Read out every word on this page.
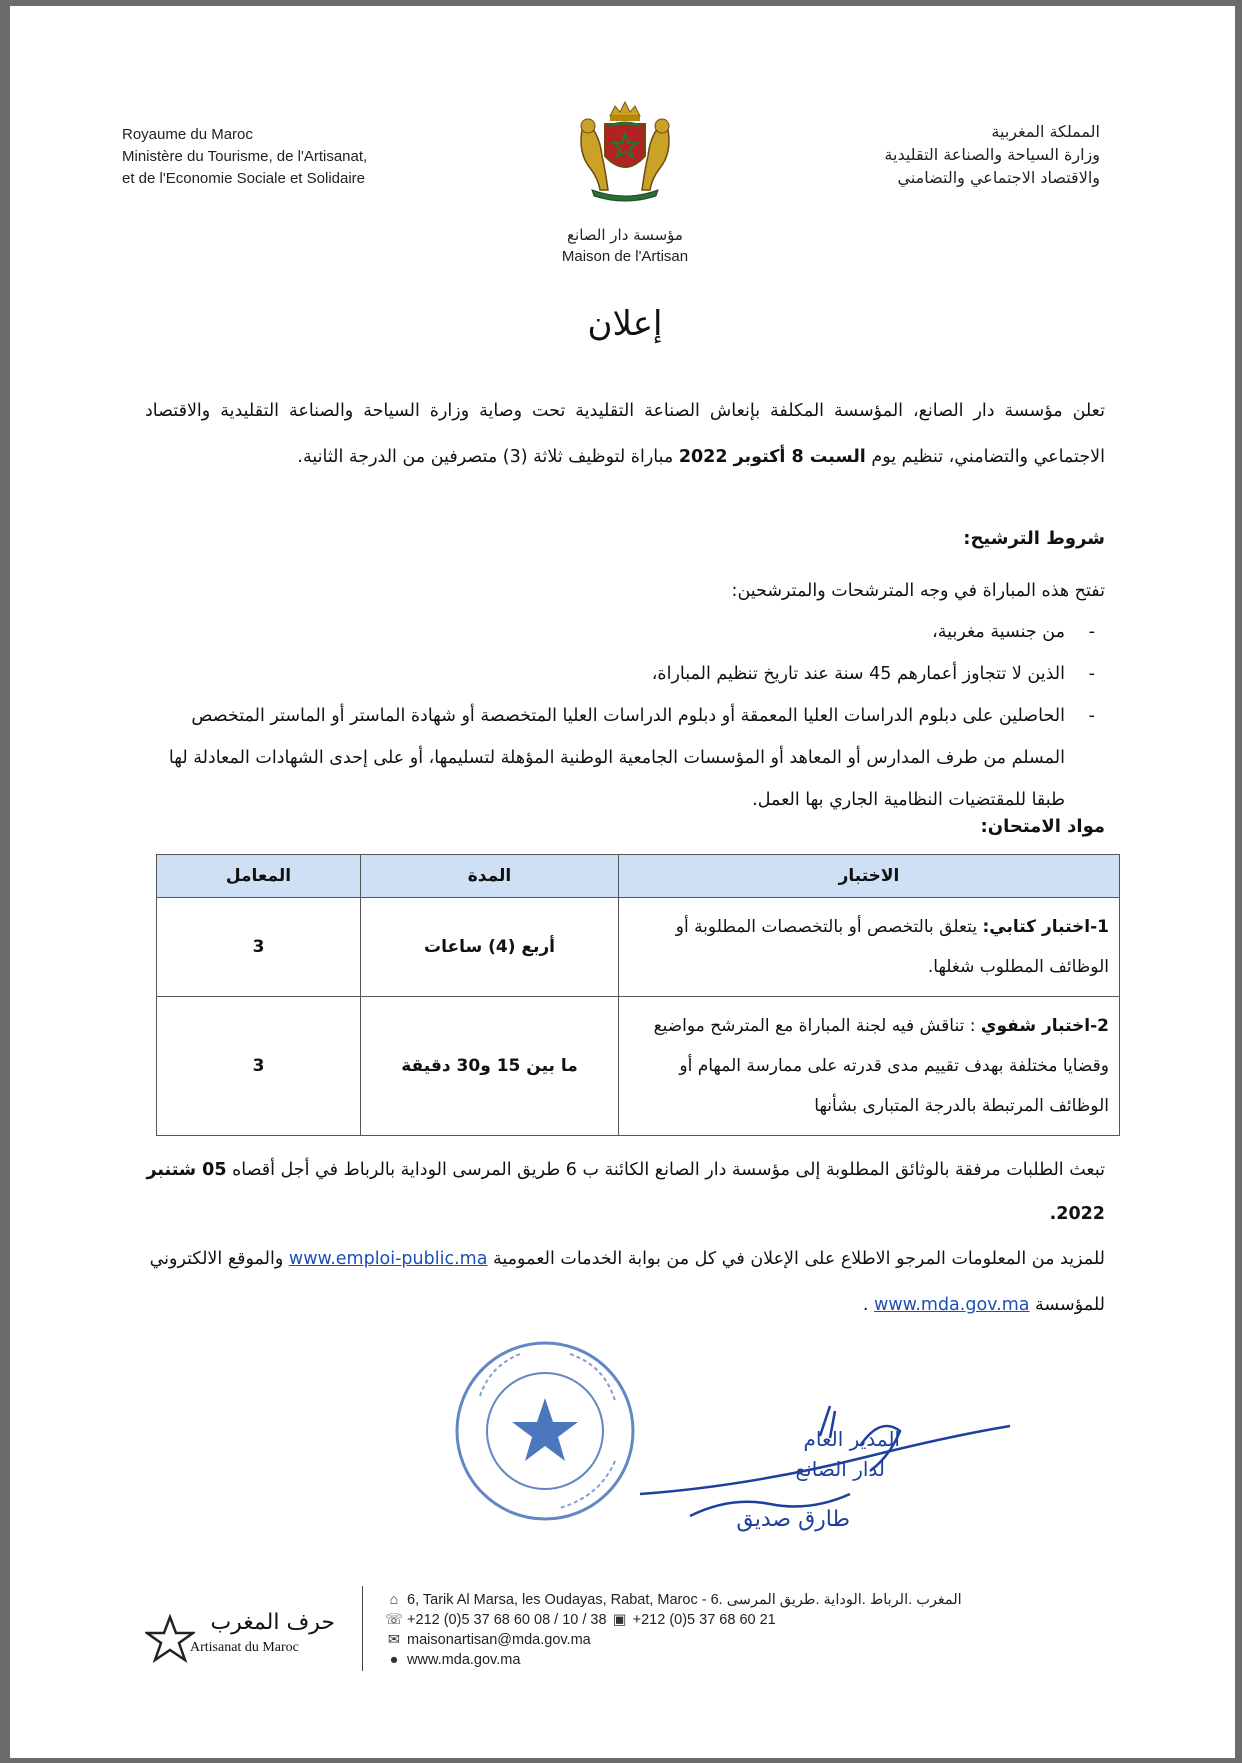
Royaume du Maroc
Ministère du Tourisme, de l'Artisanat,
et de l'Economie Sociale et Solidaire
المملكة المغربية
وزارة السياحة والصناعة التقليدية
والاقتصاد الاجتماعي والتضامني
مؤسسة دار الصانع
Maison de l'Artisan
إعلان
تعلن مؤسسة دار الصانع، المؤسسة المكلفة بإنعاش الصناعة التقليدية تحت وصاية وزارة السياحة والصناعة التقليدية والاقتصاد الاجتماعي والتضامني، تنظيم يوم السبت 8 أكتوبر 2022 مباراة لتوظيف ثلاثة (3) متصرفين من الدرجة الثانية.
شروط الترشيح:
تفتح هذه المباراة في وجه المترشحات والمترشحين:
- من جنسية مغربية،
- الذين لا تتجاوز أعمارهم 45 سنة عند تاريخ تنظيم المباراة،
- الحاصلين على دبلوم الدراسات العليا المعمقة أو دبلوم الدراسات العليا المتخصصة أو شهادة الماستر أو الماستر المتخصص المسلم من طرف المدارس أو المعاهد أو المؤسسات الجامعية الوطنية المؤهلة لتسليمها، أو على إحدى الشهادات المعادلة لها طبقا للمقتضيات النظامية الجاري بها العمل.
مواد الامتحان:
الاختبار	المدة	المعامل
1-اختبار كتابي: يتعلق بالتخصص أو بالتخصصات المطلوبة أو الوظائف المطلوب شغلها.	أربع (4) ساعات	3
2-اختبار شفوي : تناقش فيه لجنة المباراة مع المترشح مواضيع وقضايا مختلفة بهدف تقييم مدى قدرته على ممارسة المهام أو الوظائف المرتبطة بالدرجة المتبارى بشأنها	ما بين 15 و30 دقيقة	3
تبعث الطلبات مرفقة بالوثائق المطلوبة إلى مؤسسة دار الصانع الكائنة ب 6 طريق المرسى الوداية بالرباط في أجل أقصاه 05 شتنبر 2022.
للمزيد من المعلومات المرجو الاطلاع على الإعلان في كل من بوابة الخدمات العمومية www.emploi-public.ma والموقع الالكتروني للمؤسسة www.mda.gov.ma .
المدير العام
لدار الصانع
طارق صديق
حرف المغرب
Artisanat du Maroc
⌂ 6, Tarik Al Marsa, les Oudayas, Rabat, Maroc - المغرب .الرباط .الوداية .طريق المرسى .6
☏ +212 (0)5 37 68 60 08 / 10 / 38 ▣ +212 (0)5 37 68 60 21
✉ maisonartisan@mda.gov.ma
● www.mda.gov.ma
